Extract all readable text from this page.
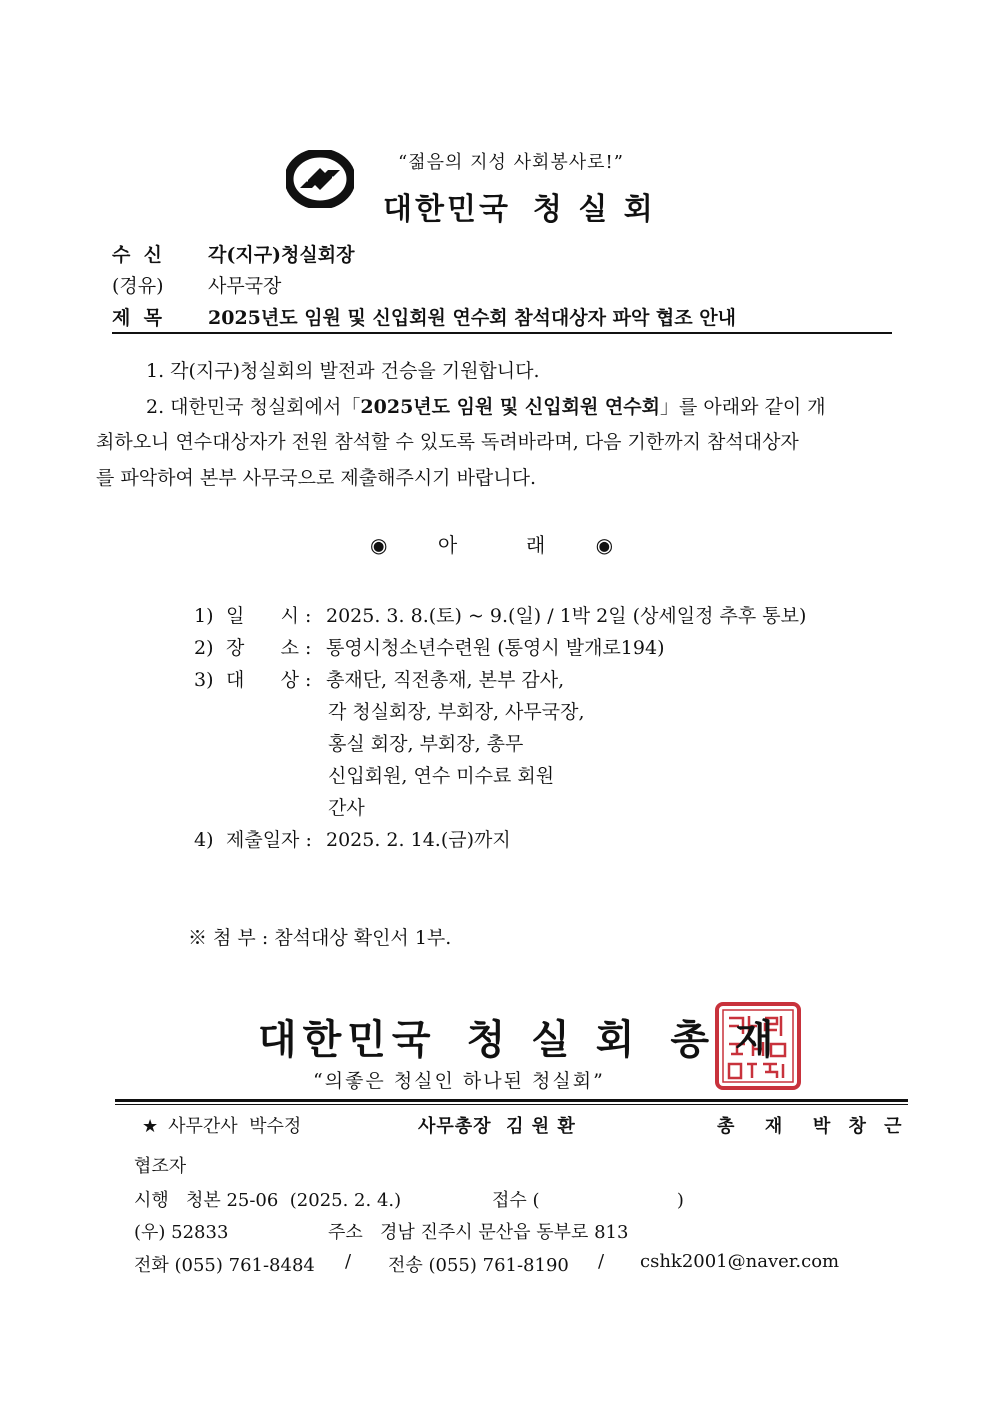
“젊음의 지성 사회봉사로!”
대한민국 청 실 회
수  신 각(지구)청실회장
(경유) 사무국장
제  목 2025년도 임원 및 신입회원 연수회 참석대상자 파악 협조 안내
1. 각(지구)청실회의 발전과 건승을 기원합니다.
2. 대한민국 청실회에서「2025년도 임원 및 신입회원 연수회」를 아래와 같이 개
최하오니 연수대상자가 전원 참석할 수 있도록 독려바라며, 다음 기한까지 참석대상자
를 파악하여 본부 사무국으로 제출해주시기 바랍니다.
◉ 아        래 ◉
1) 일      시 : 2025. 3. 8.(토) ~ 9.(일) / 1박 2일 (상세일정 추후 통보)
2) 장      소 : 통영시청소년수련원 (통영시 발개로194)
3) 대      상 : 총재단, 직전총재, 본부 감사,
각 청실회장, 부회장, 사무국장,
홍실 회장, 부회장, 총무
신입회원, 연수 미수료 회원
간사
4) 제출일자 : 2025. 2. 14.(금)까지
※ 첨 부 : 참석대상 확인서 1부.
대한민국 청 실 회 총 재
“의좋은 청실인 하나된 청실회”
★ 사무간사  박수정	사무총장  김 원 환	총  재  박 창 근
협조자
시행   청본 25-06  (2025. 2. 4.)	접수 (                        )
(우) 52833	주소   경남 진주시 문산읍 동부로 813
전화 (055) 761-8484 / 전송 (055) 761-8190 / cshk2001@naver.com
